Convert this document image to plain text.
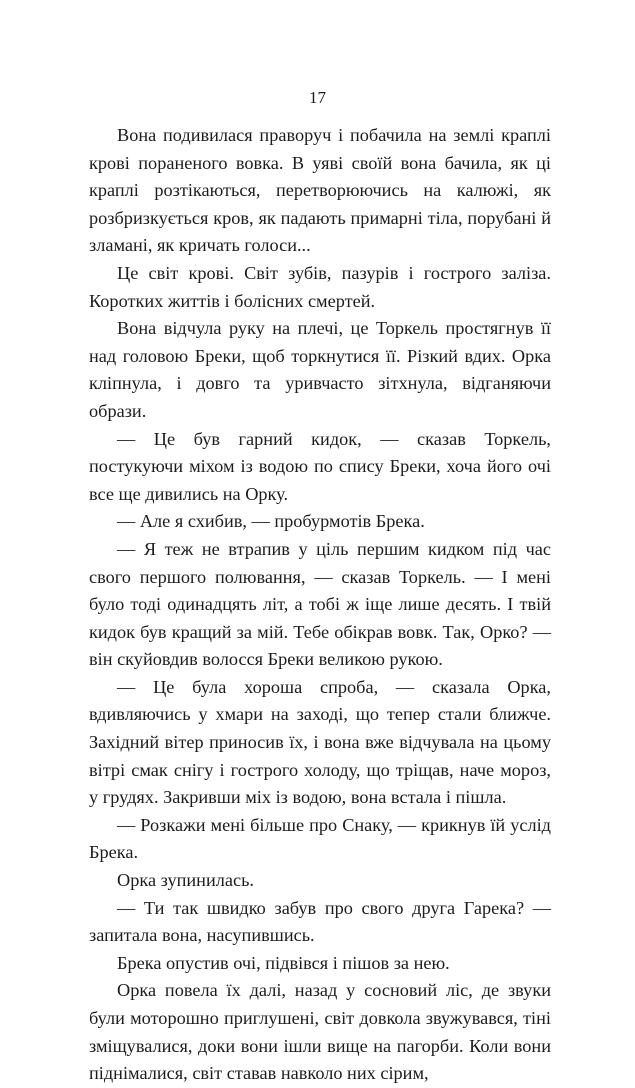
17

Вона подивилася праворуч і побачила на землі краплі крові пораненого вовка. В уяві своїй вона бачила, як ці краплі розтікаються, перетворюючись на калюжі, як розбризкується кров, як падають примарні тіла, порубані й зламані, як кричать голоси...

Це світ крові. Світ зубів, пазурів і гострого заліза. Коротких життів і болісних смертей.

Вона відчула руку на плечі, це Торкель простягнув її над головою Бреки, щоб торкнутися її. Різкий вдих. Орка кліпнула, і довго та уривчасто зітхнула, відганяючи образи.

— Це був гарний кидок, — сказав Торкель, постукуючи міхом із водою по спису Бреки, хоча його очі все ще дивились на Орку.

— Але я схибив, — пробурмотів Брека.

— Я теж не втрапив у ціль першим кидком під час свого першого полювання, — сказав Торкель. — І мені було тоді одинадцять літ, а тобі ж іще лише десять. І твій кидок був кращий за мій. Тебе обікрав вовк. Так, Орко? — він скуйовдив волосся Бреки великою рукою.

— Це була хороша спроба, — сказала Орка, вдивляючись у хмари на заході, що тепер стали ближче. Західний вітер приносив їх, і вона вже відчувала на цьому вітрі смак снігу і гострого холоду, що тріщав, наче мороз, у грудях. Закривши міх із водою, вона встала і пішла.

— Розкажи мені більше про Снаку, — крикнув їй услід Брека.

Орка зупинилась.

— Ти так швидко забув про свого друга Гарека? — запитала вона, насупившись.

Брека опустив очі, підвівся і пішов за нею.

Орка повела їх далі, назад у сосновий ліс, де звуки були моторошно приглушені, світ довкола звужувався, тіні зміщувалися, доки вони ішли вище на пагорби. Коли вони піднімалися, світ ставав навколо них сірим,
